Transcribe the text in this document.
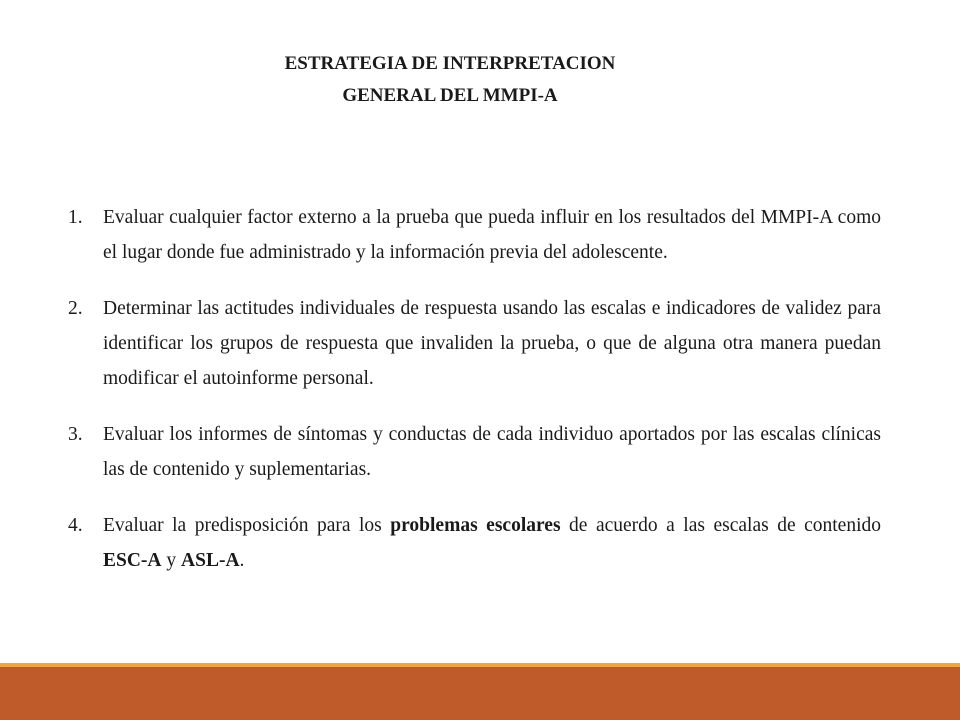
ESTRATEGIA DE INTERPRETACION
GENERAL DEL MMPI-A
1. Evaluar cualquier factor externo a la prueba que pueda influir en los resultados del MMPI-A como el lugar donde fue administrado y la información previa del adolescente.
2. Determinar las actitudes individuales de respuesta usando las escalas e indicadores de validez para identificar los grupos de respuesta que invaliden la prueba, o que de alguna otra manera puedan modificar el autoinforme personal.
3. Evaluar los informes de síntomas y conductas de cada individuo aportados por las escalas clínicas las de contenido y suplementarias.
4. Evaluar la predisposición para los problemas escolares de acuerdo a las escalas de contenido ESC-A y ASL-A.
